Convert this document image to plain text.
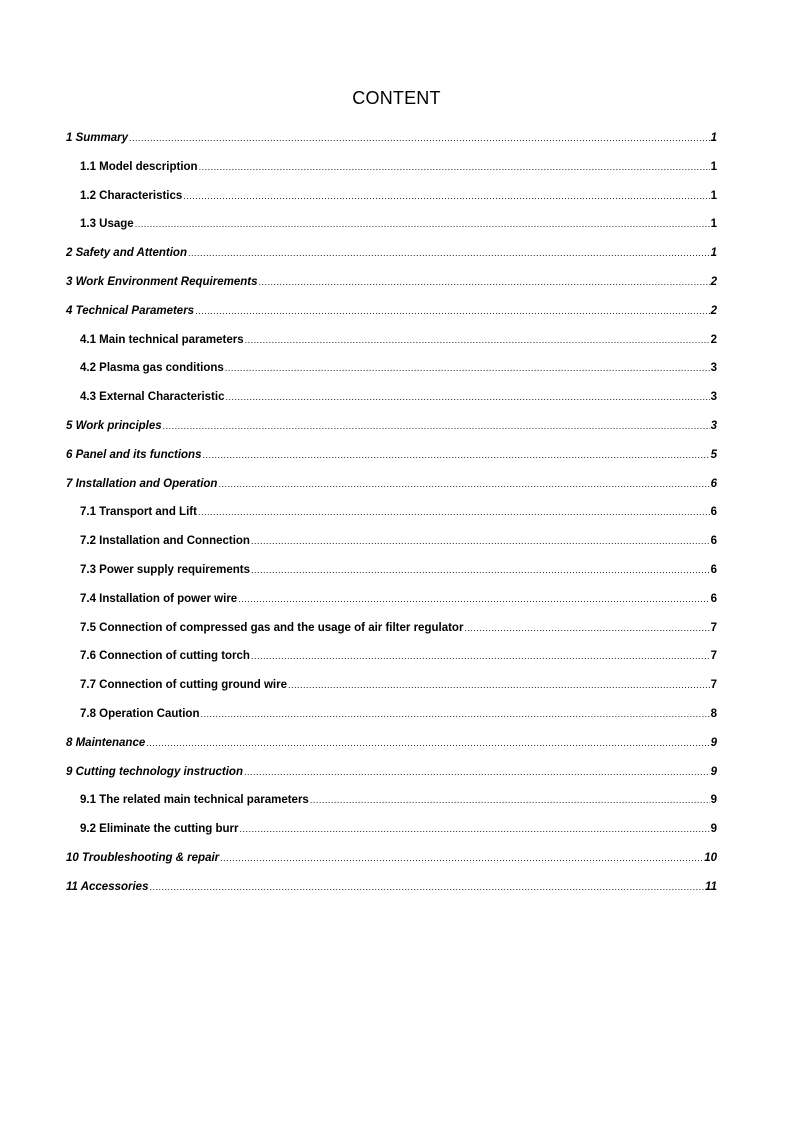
CONTENT
1 Summary .....	1
1.1 Model description .....	1
1.2 Characteristics .....	1
1.3 Usage .....	1
2 Safety and Attention .....	1
3 Work Environment Requirements .....	2
4 Technical Parameters .....	2
4.1 Main technical parameters .....	2
4.2 Plasma gas conditions .....	3
4.3 External Characteristic .....	3
5 Work principles .....	3
6 Panel and its functions .....	5
7 Installation and Operation .....	6
7.1 Transport and Lift .....	6
7.2 Installation and Connection .....	6
7.3 Power supply requirements .....	6
7.4 Installation of power wire .....	6
7.5 Connection of compressed gas and the usage of air filter regulator .....	7
7.6 Connection of cutting torch .....	7
7.7 Connection of cutting ground wire .....	7
7.8 Operation Caution .....	8
8 Maintenance .....	9
9 Cutting technology instruction .....	9
9.1 The related main technical parameters .....	9
9.2 Eliminate the cutting burr .....	9
10 Troubleshooting & repair .....	10
11 Accessories .....	11
